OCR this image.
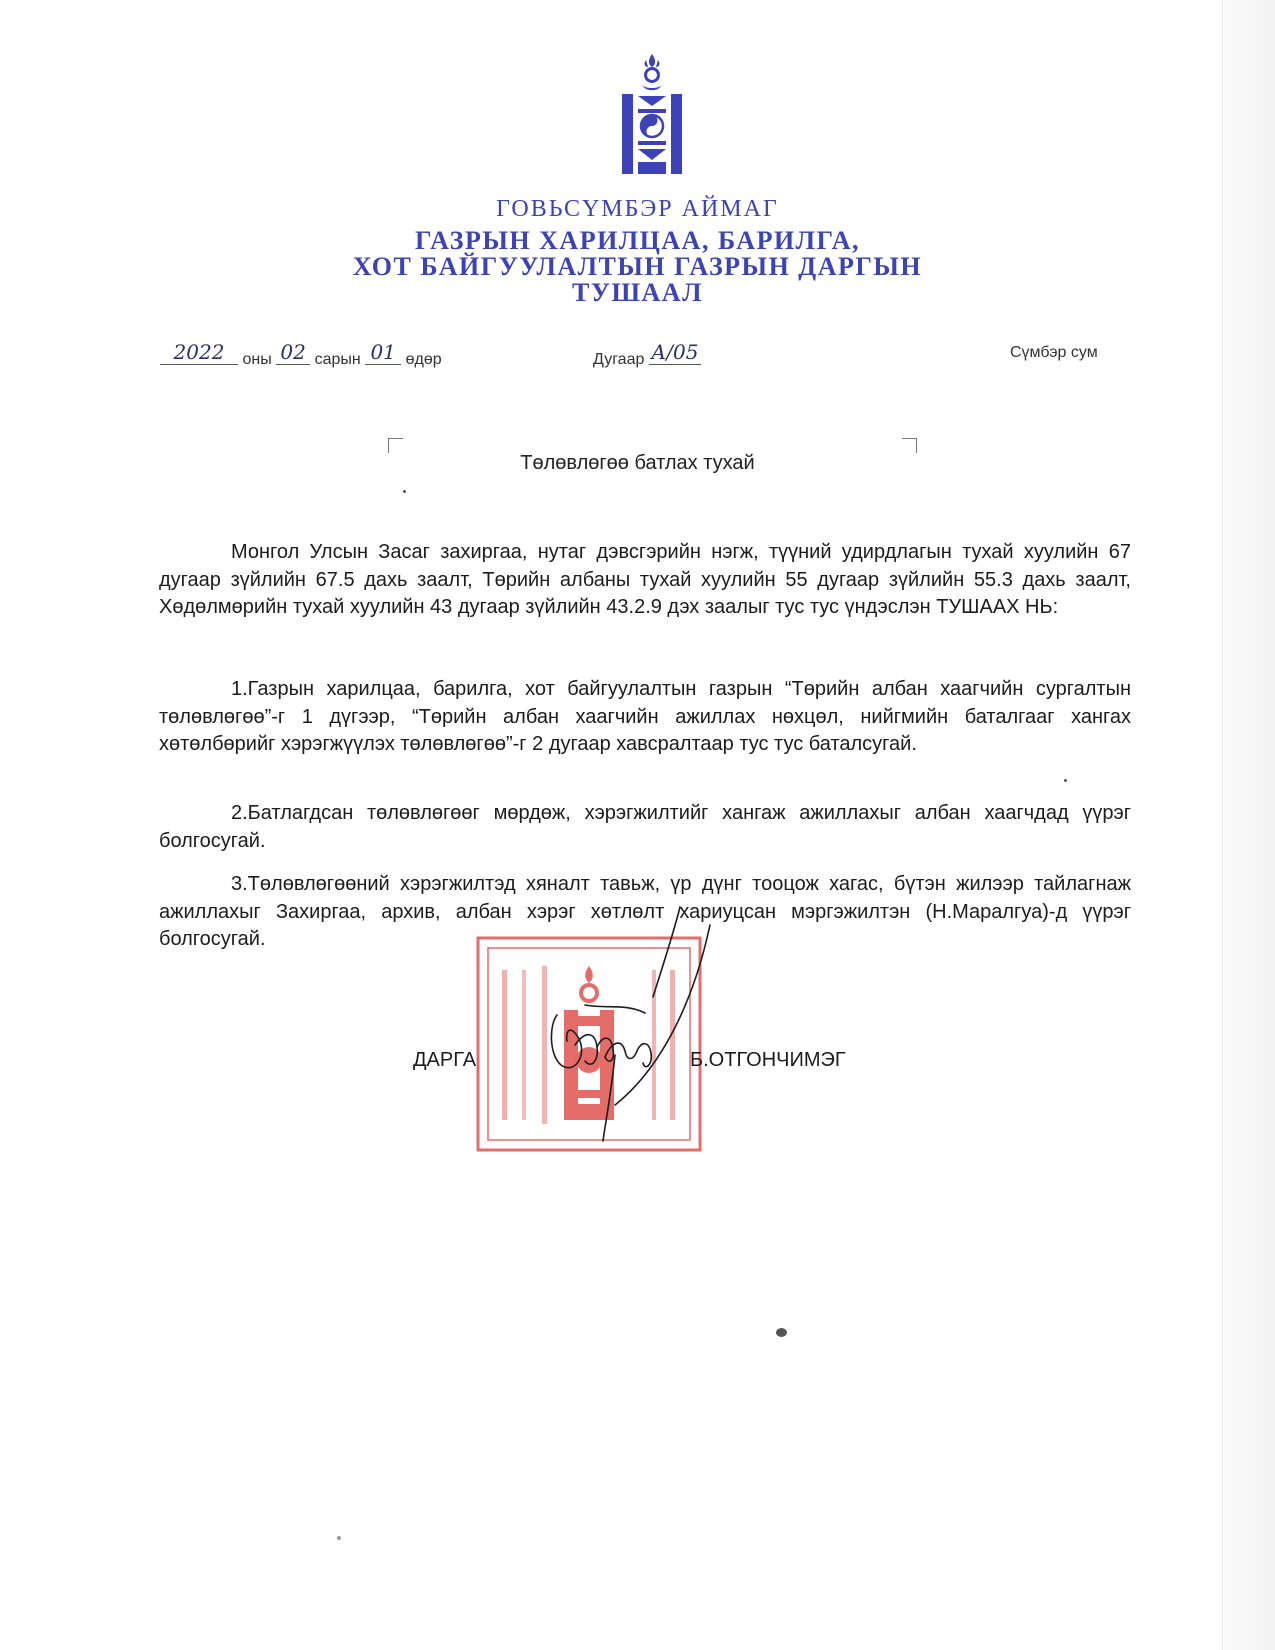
ГОВЬСҮМБЭР АЙМАГ
ГАЗРЫН ХАРИЛЦАА, БАРИЛГА,
ХОТ БАЙГУУЛАЛТЫН ГАЗРЫН ДАРГЫН
ТУШААЛ
2022 оны 02 сарын 01 өдөр	Дугаар А/05	Сүмбэр сум
Төлөвлөгөө батлах тухай

Монгол Улсын Засаг захиргаа, нутаг дэвсгэрийн нэгж, түүний удирдлагын тухай хуулийн 67 дугаар зүйлийн 67.5 дахь заалт, Төрийн албаны тухай хуулийн 55 дугаар зүйлийн 55.3 дахь заалт, Хөдөлмөрийн тухай хуулийн 43 дугаар зүйлийн 43.2.9 дэх заалыг тус тус үндэслэн ТУШААХ НЬ:

1.Газрын харилцаа, барилга, хот байгуулалтын газрын “Төрийн албан хаагчийн сургалтын төлөвлөгөө”-г 1 дүгээр, “Төрийн албан хаагчийн ажиллах нөхцөл, нийгмийн баталгааг хангах хөтөлбөрийг хэрэгжүүлэх төлөвлөгөө”-г 2 дугаар хавсралтаар тус тус баталсугай.

2.Батлагдсан төлөвлөгөөг мөрдөж, хэрэгжилтийг хангаж ажиллахыг албан хаагчдад үүрэг болгосугай.

3.Төлөвлөгөөний хэрэгжилтэд хяналт тавьж, үр дүнг тооцож хагас, бүтэн жилээр тайлагнаж ажиллахыг Захиргаа, архив, албан хэрэг хөтлөлт хариуцсан мэргэжилтэн (Н.Маралгуа)-д үүрэг болгосугай.

ДАРГА	Б.ОТГОНЧИМЭГ
